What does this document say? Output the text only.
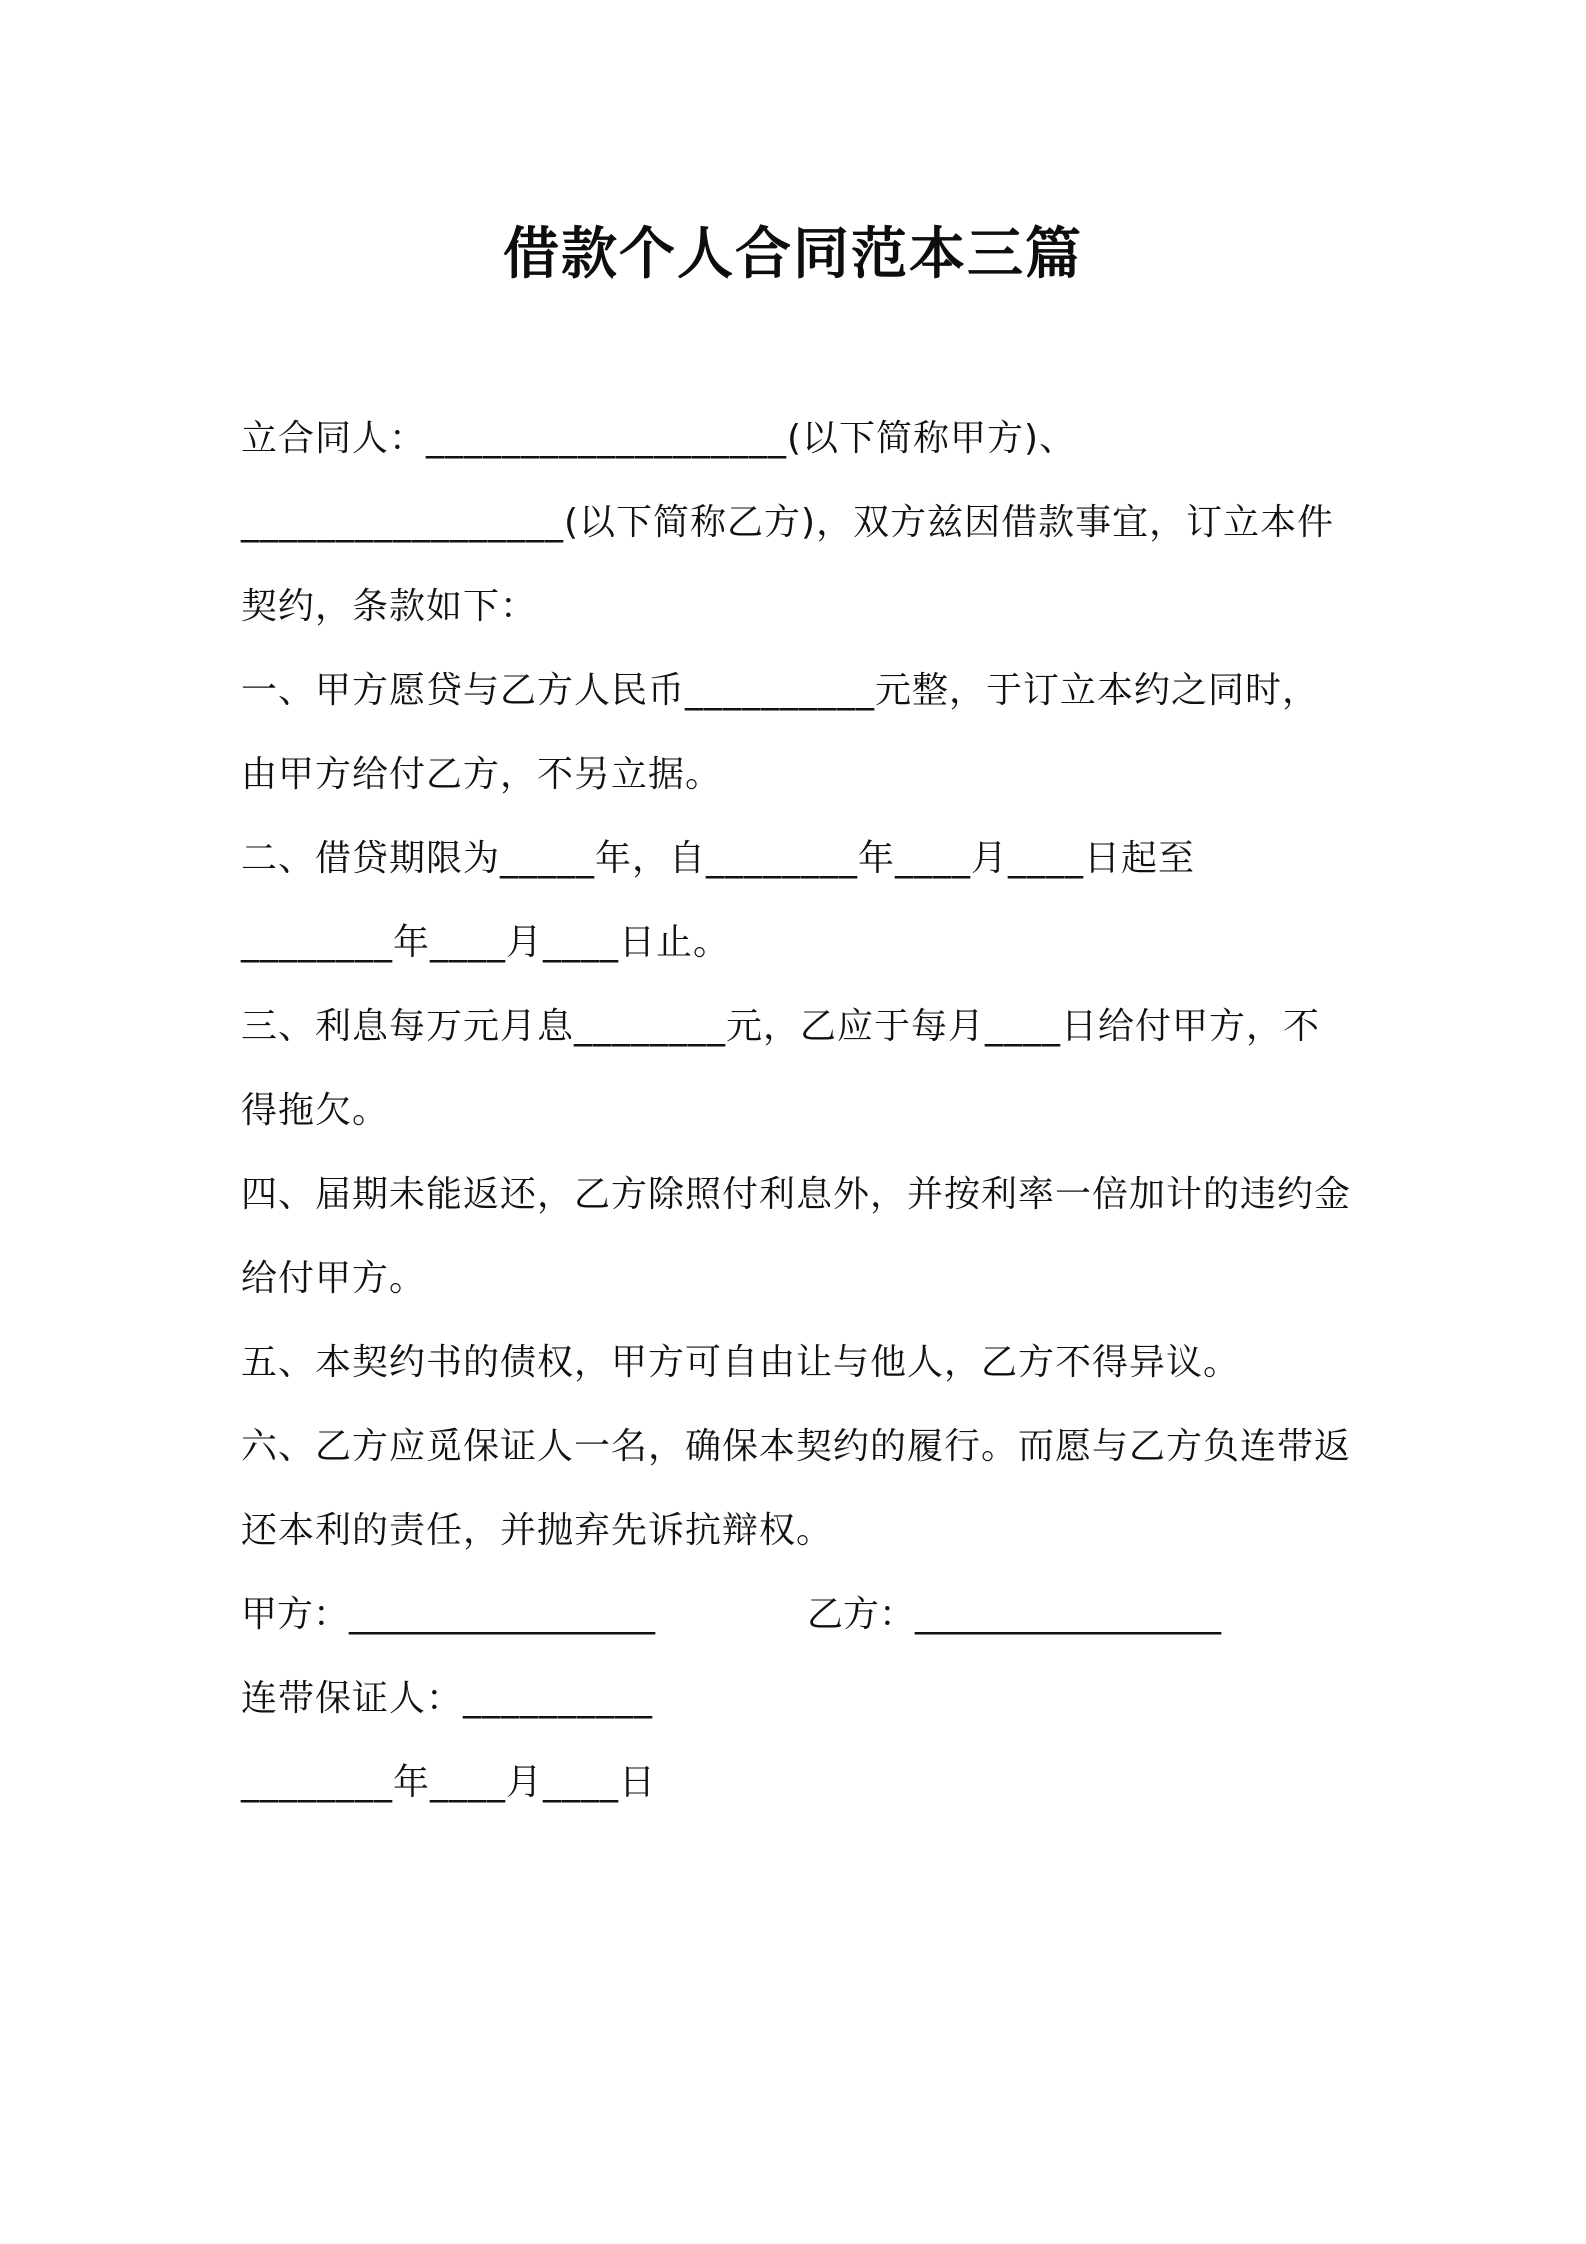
借款个人合同范本三篇
立合同人：___________________(以下简称甲方)、
_________________(以下简称乙方)，双方兹因借款事宜，订立本件
契约，条款如下：
一、甲方愿贷与乙方人民币__________元整，于订立本约之同时，
由甲方给付乙方，不另立据。
二、借贷期限为_____年，自________年____月____日起至
________年____月____日止。
三、利息每万元月息________元，乙应于每月____日给付甲方，不
得拖欠。
四、届期未能返还，乙方除照付利息外，并按利率一倍加计的违约金
给付甲方。
五、本契约书的债权，甲方可自由让与他人，乙方不得异议。
六、乙方应觅保证人一名，确保本契约的履行。而愿与乙方负连带返
还本利的责任，并抛弃先诉抗辩权。
甲方：_________________	乙方：_________________
连带保证人：__________
________年____月____日
